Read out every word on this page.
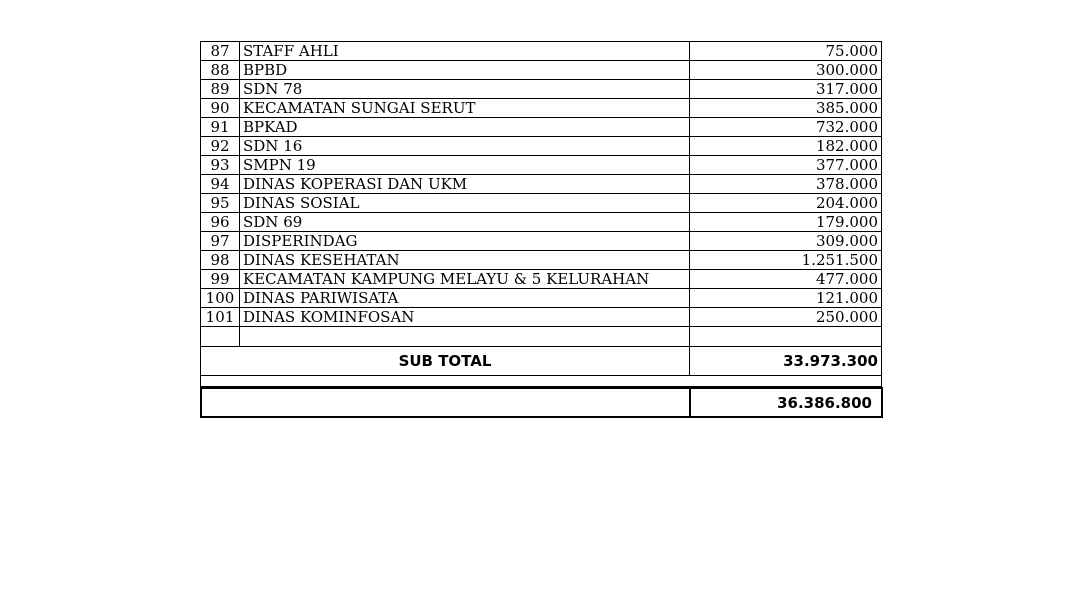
87	STAFF AHLI	75.000
88	BPBD	300.000
89	SDN 78	317.000
90	KECAMATAN SUNGAI SERUT	385.000
91	BPKAD	732.000
92	SDN 16	182.000
93	SMPN 19	377.000
94	DINAS KOPERASI DAN UKM	378.000
95	DINAS SOSIAL	204.000
96	SDN 69	179.000
97	DISPERINDAG	309.000
98	DINAS KESEHATAN	1.251.500
99	KECAMATAN KAMPUNG MELAYU & 5 KELURAHAN	477.000
100	DINAS PARIWISATA	121.000
101	DINAS KOMINFOSAN	250.000

SUB TOTAL		33.973.300

	36.386.800
